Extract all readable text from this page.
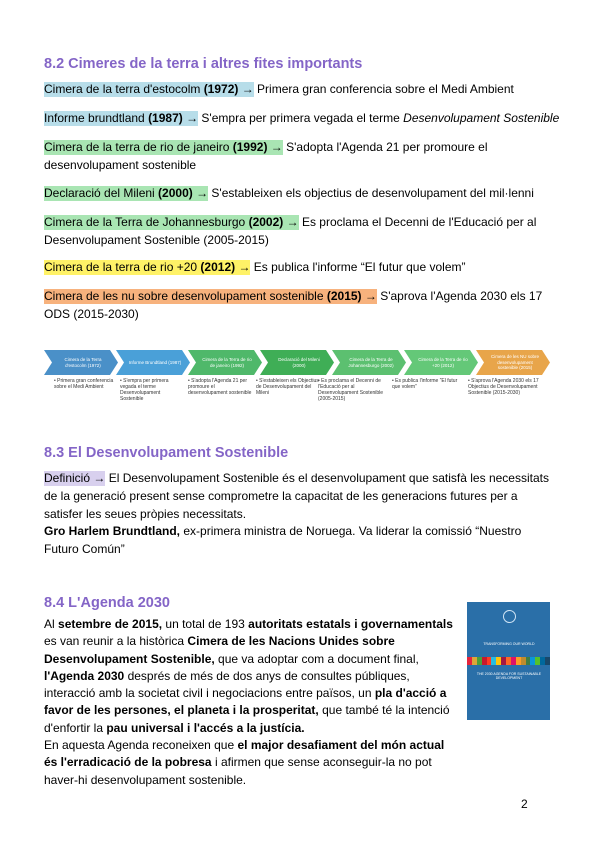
8.2 Cimeres de la terra i altres fites importants
Cimera de la terra d'estocolm (1972) → Primera gran conferencia sobre el Medi Ambient
Informe brundtland (1987) → S'empra per primera vegada el terme Desenvolupament Sostenible
Cimera de la terra de rio de janeiro (1992) → S'adopta l'Agenda 21 per promoure el
desenvolupament sostenible
Declaració del Mileni (2000) → S'estableixen els objectius de desenvolupament del mil·lenni
Cimera de la Terra de Johannesburgo (2002) → Es proclama el Decenni de l'Educació per al
Desenvolupament Sostenible (2005-2015)
Cimera de la terra de rio +20 (2012) → Es publica l'informe “El futur que volem”
Cimera de les nu sobre desenvolupament sostenible (2015) → S'aprova l'Agenda 2030 els 17
ODS (2015-2030)
Cimera de la Terra d'estocolm (1972)
Informe Brundtland (1987)
Cimera de la Terra de rio de janeiro (1992)
Declaració del Mileni (2000)
Cimera de la Terra de Johannesburgo (2002)
Cimera de la Terra de rio +20 (2012)
Cimera de les NU sobre desenvolupament sostenible (2015)
• Primera gran conferencia sobre el Medi Ambient
• S'empra per primera vegada el terme Desenvolupament Sostenible
• S'adopta l'Agenda 21 per promoure el desenvolupament sostenible
• S'estableixen els Objectius de Desenvolupament del Mileni
• Es proclama el Decenni de l'Educació per al Desenvolupament Sostenible (2005-2015)
• Es publica l'informe “El futur que volem”
• S'aprova l'Agenda 2030 els 17 Objectius de Desenvolupament Sostenible (2015-2030)
8.3 El Desenvolupament Sostenible
Definició → El Desenvolupament Sostenible és el desenvolupament que satisfà les necessitats
de la generació present sense comprometre la capacitat de les generacions futures per a
satisfer les seues pròpies necessitats.
Gro Harlem Brundtland, ex-primera ministra de Noruega. Va liderar la comissió “Nuestro
Futuro Común”
8.4 L'Agenda 2030
Al setembre de 2015, un total de 193 autoritats estatals i governamentals
es van reunir a la històrica Cimera de les Nacions Unides sobre
Desenvolupament Sostenible, que va adoptar com a document final,
l'Agenda 2030 després de més de dos anys de consultes públiques,
interacció amb la societat civil i negociacions entre països, un pla d'acció a
favor de les persones, el planeta i la prosperitat, que també té la intenció
d'enfortir la pau universal i l'accés a la justícia.
En aquesta Agenda reconeixen que el major desafiament del món actual
és l'erradicació de la pobresa i afirmen que sense aconseguir-la no pot
haver-hi desenvolupament sostenible.
TRANSFORMING OUR WORLD
THE 2030 AGENDA FOR SUSTAINABLE DEVELOPMENT
2
